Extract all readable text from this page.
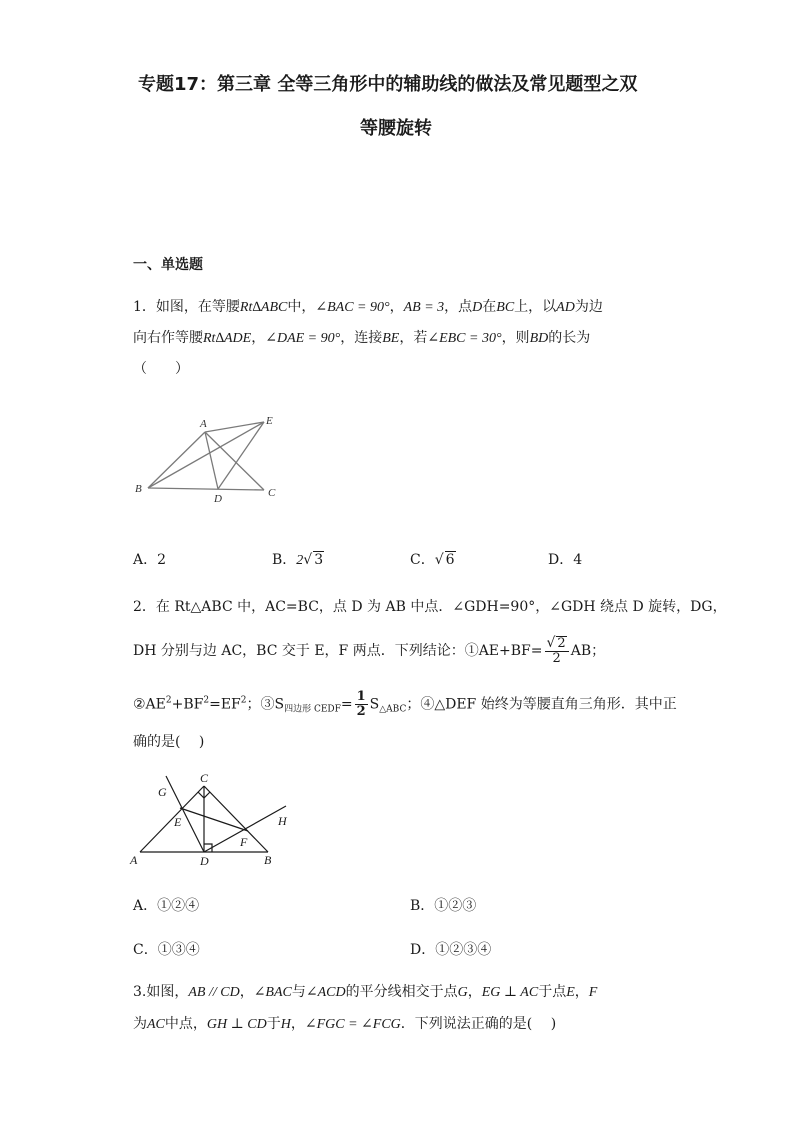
专题17：第三章 全等三角形中的辅助线的做法及常见题型之双
等腰旋转
一、单选题
1．如图，在等腰Rt∆ABC中，∠BAC = 90°，AB = 3，点D在BC上，以AD为边
向右作等腰Rt∆ADE，∠DAE = 90°，连接BE，若∠EBC = 30°，则BD的长为
（　　）
A
B	C
D
E
A．2	B．2√ 3	C．√ 6	D．4
2．在 Rt△ABC 中，AC=BC，点 D 为 AB 中点．∠GDH=90°，∠GDH 绕点 D 旋转，DG，
DH 分别与边 AC，BC 交于 E，F 两点．下列结论：①AE+BF= $\frac{√ 2}{2}$ AB；
$②AE^2+BF^2=EF^2$；$③S_{四边形 CEDF}= \frac{1}{2} S_{\triangle ABC}$；④△DEF 始终为等腰直角三角形．其中正
确的是(　 )
A	B
C
D
E
F
G
H
A．①②④	B．①②③
C．①③④	D．①②③④
3.如图，AB // CD，∠BAC与∠ACD的平分线相交于点G，EG ⊥ AC于点E，F
为AC中点，GH ⊥ CD于H，∠FGC = ∠FCG．下列说法正确的是(　 )
